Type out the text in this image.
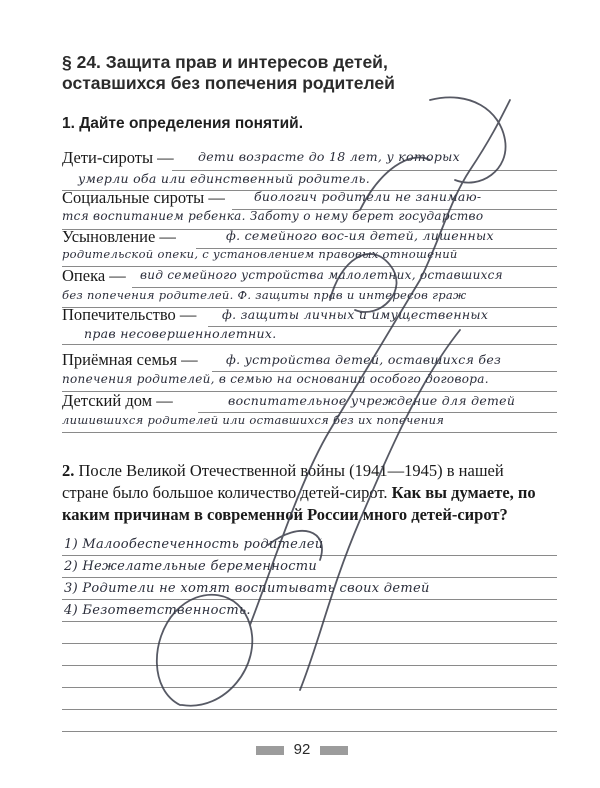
§ 24. Защита прав и интересов детей,
оставшихся без попечения родителей
1. Дайте определения понятий.
Дети-сироты — дети возрасте до 18 лет, у которых
умерли оба или единственный родитель.
Социальные сироты — биологич родители не занимаю-
тся воспитанием ребенка. Заботу о нему берет государство
Усыновление —	ф. семейного вос-ия детей, лишенных
родительской опеки, с установлением правовых отношений
Опека — вид семейного устройства малолетних, оставшихся
без попечения родителей. Ф. защиты прав и интересов граж
Попечительство — ф. защиты личных и имущественных
прав несовершеннолетних.
Приёмная семья — ф. устройства детей, оставшихся без
попечения родителей, в семью на основании особого договора.
Детский дом —	воспитательное учреждение для детей
лишившихся родителей или оставшихся без их попечения
2. После Великой Отечественной войны (1941—1945) в нашей стране было большое количество детей-сирот. Как вы думаете, по каким причинам в современной России много детей-сирот?
1) Малообеспеченность родителей
2) Нежелательные беременности
3) Родители не хотят воспитывать своих детей
4) Безответственность.
92
